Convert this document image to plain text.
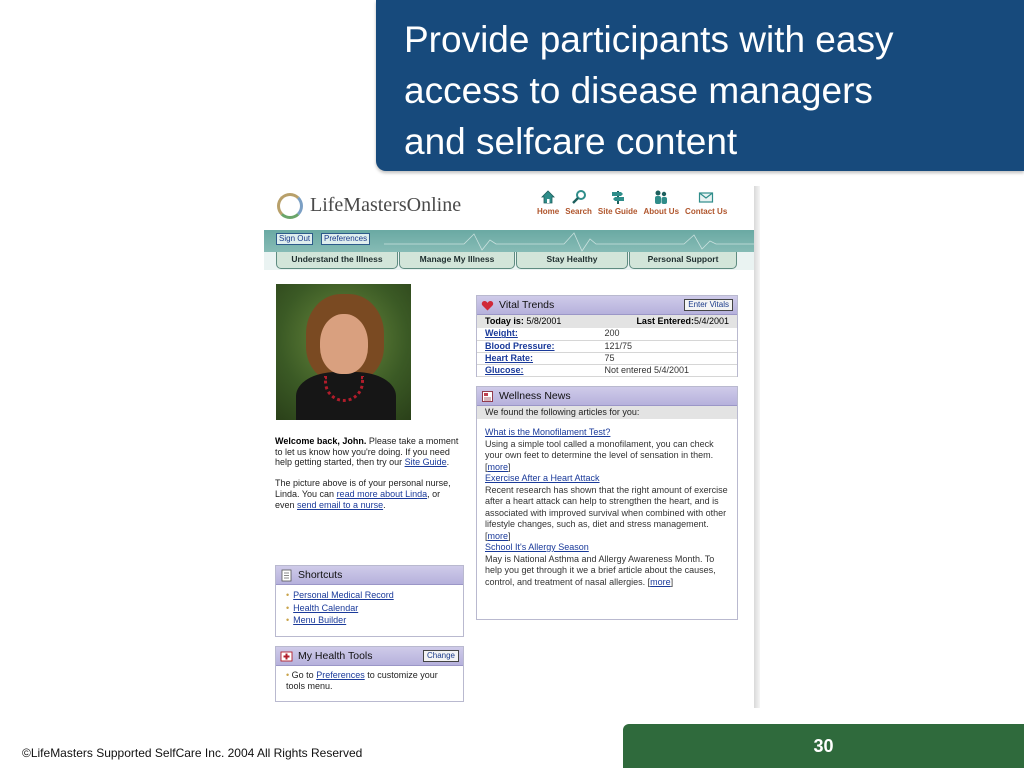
Provide participants with easy
access to disease managers
and selfcare content
LifeMastersOnline	Home Search Site Guide About Us Contact Us
Sign Out	Preferences
Understand the Illness	Manage My Illness	Stay Healthy	Personal Support

Welcome back, John. Please take a moment to let us know how you're doing. If you need help getting started, then try our Site Guide.

The picture above is of your personal nurse, Linda. You can read more about Linda, or even send email to a nurse.

Shortcuts
• Personal Medical Record
• Health Calendar
• Menu Builder
My Health Tools	Change
• Go to Preferences to customize your tools menu.
Vital Trends	Enter Vitals
Today is: 5/8/2001	Last Entered:5/4/2001
Weight:	200
Blood Pressure:	121/75
Heart Rate:	75
Glucose:	Not entered 5/4/2001
Wellness News
We found the following articles for you:
What is the Monofilament Test?
Using a simple tool called a monofilament, you can check your own feet to determine the level of sensation in them. [more]
Exercise After a Heart Attack
Recent research has shown that the right amount of exercise after a heart attack can help to strengthen the heart, and is associated with improved survival when combined with other lifestyle changes, such as, diet and stress management. [more]
School It's Allergy Season
May is National Asthma and Allergy Awareness Month. To help you get through it we a brief article about the causes, control, and treatment of nasal allergies. [more]
©LifeMasters Supported SelfCare Inc. 2004 All Rights Reserved	30
